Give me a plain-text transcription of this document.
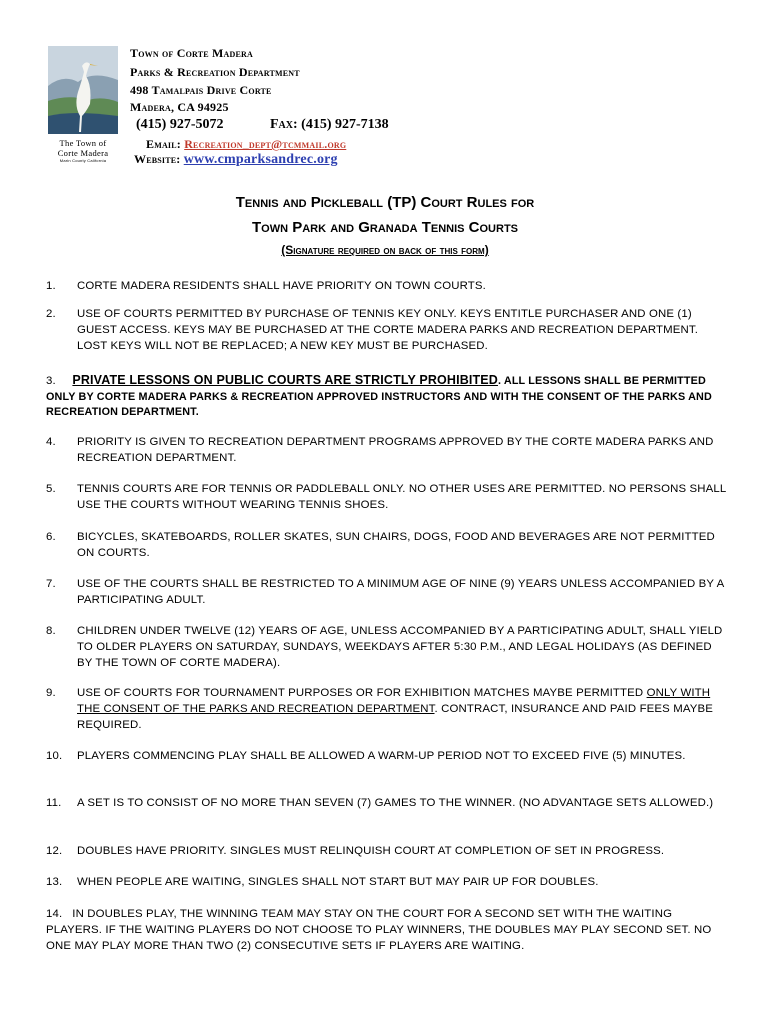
The Town of
Corte Madera
Marin County California
Town of Corte Madera
Parks & Recreation Department
498 Tamalpais Drive Corte
Madera, CA 94925
(415) 927-5072	Fax: (415) 927-7138
Email: Recreation_dept@tcmmail.org
Website: www.cmparksandrec.org
Tennis and Pickleball (TP) Court Rules for
Town Park and Granada Tennis Courts
(Signature required on back of this form)
1. CORTE MADERA RESIDENTS SHALL HAVE PRIORITY ON TOWN COURTS.
2. USE OF COURTS PERMITTED BY PURCHASE OF TENNIS KEY ONLY. KEYS ENTITLE PURCHASER AND ONE (1) GUEST ACCESS. KEYS MAY BE PURCHASED AT THE CORTE MADERA PARKS AND RECREATION DEPARTMENT. LOST KEYS WILL NOT BE REPLACED; A NEW KEY MUST BE PURCHASED.
3. PRIVATE LESSONS ON PUBLIC COURTS ARE STRICTLY PROHIBITED. ALL LESSONS SHALL BE PERMITTED ONLY BY CORTE MADERA PARKS & RECREATION APPROVED INSTRUCTORS AND WITH THE CONSENT OF THE PARKS AND RECREATION DEPARTMENT.
4. PRIORITY IS GIVEN TO RECREATION DEPARTMENT PROGRAMS APPROVED BY THE CORTE MADERA PARKS AND RECREATION DEPARTMENT.
5. TENNIS COURTS ARE FOR TENNIS OR PADDLEBALL ONLY. NO OTHER USES ARE PERMITTED. NO PERSONS SHALL USE THE COURTS WITHOUT WEARING TENNIS SHOES.
6. BICYCLES, SKATEBOARDS, ROLLER SKATES, SUN CHAIRS, DOGS, FOOD AND BEVERAGES ARE NOT PERMITTED ON COURTS.
7. USE OF THE COURTS SHALL BE RESTRICTED TO A MINIMUM AGE OF NINE (9) YEARS UNLESS ACCOMPANIED BY A PARTICIPATING ADULT.
8. CHILDREN UNDER TWELVE (12) YEARS OF AGE, UNLESS ACCOMPANIED BY A PARTICIPATING ADULT, SHALL YIELD TO OLDER PLAYERS ON SATURDAY, SUNDAYS, WEEKDAYS AFTER 5:30 P.M., AND LEGAL HOLIDAYS (AS DEFINED BY THE TOWN OF CORTE MADERA).
9. USE OF COURTS FOR TOURNAMENT PURPOSES OR FOR EXHIBITION MATCHES MAYBE PERMITTED ONLY WITH THE CONSENT OF THE PARKS AND RECREATION DEPARTMENT. CONTRACT, INSURANCE AND PAID FEES MAYBE REQUIRED.
10. PLAYERS COMMENCING PLAY SHALL BE ALLOWED A WARM-UP PERIOD NOT TO EXCEED FIVE (5) MINUTES.
11. A SET IS TO CONSIST OF NO MORE THAN SEVEN (7) GAMES TO THE WINNER. (NO ADVANTAGE SETS ALLOWED.)
12. DOUBLES HAVE PRIORITY. SINGLES MUST RELINQUISH COURT AT COMPLETION OF SET IN PROGRESS.
13. WHEN PEOPLE ARE WAITING, SINGLES SHALL NOT START BUT MAY PAIR UP FOR DOUBLES.
14. IN DOUBLES PLAY, THE WINNING TEAM MAY STAY ON THE COURT FOR A SECOND SET WITH THE WAITING PLAYERS. IF THE WAITING PLAYERS DO NOT CHOOSE TO PLAY WINNERS, THE DOUBLES MAY PLAY SECOND SET. NO ONE MAY PLAY MORE THAN TWO (2) CONSECUTIVE SETS IF PLAYERS ARE WAITING.
